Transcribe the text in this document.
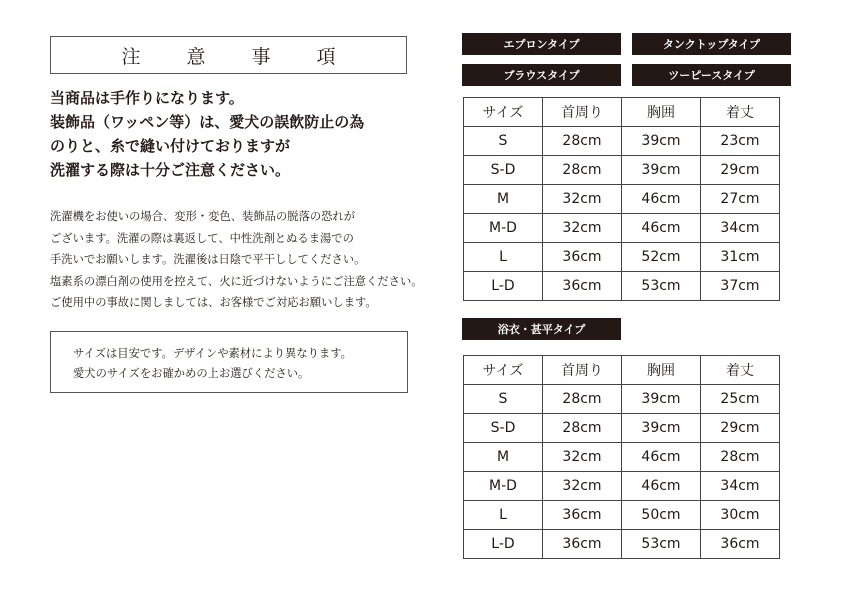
注 意 事 項
当商品は手作りになります。
装飾品（ワッペン等）は、愛犬の誤飲防止の為
のりと、糸で縫い付けておりますが
洗濯する際は十分ご注意ください。
洗濯機をお使いの場合、変形・変色、装飾品の脱落の恐れが
ございます。洗濯の際は裏返して、中性洗剤とぬるま湯での
手洗いでお願いします。洗濯後は日陰で平干ししてください。
塩素系の漂白剤の使用を控えて、火に近づけないようにご注意ください。
ご使用中の事故に関しましては、お客様でご対応お願いします。
サイズは目安です。デザインや素材により異なります。
愛犬のサイズをお確かめの上お選びください。
エプロンタイプ	タンクトップタイプ
ブラウスタイプ	ツーピースタイプ
サイズ	首周り	胸囲	着丈
S	28cm	39cm	23cm
S-D	28cm	39cm	29cm
M	32cm	46cm	27cm
M-D	32cm	46cm	34cm
L	36cm	52cm	31cm
L-D	36cm	53cm	37cm
浴衣・甚平タイプ
サイズ	首周り	胸囲	着丈
S	28cm	39cm	25cm
S-D	28cm	39cm	29cm
M	32cm	46cm	28cm
M-D	32cm	46cm	34cm
L	36cm	50cm	30cm
L-D	36cm	53cm	36cm
